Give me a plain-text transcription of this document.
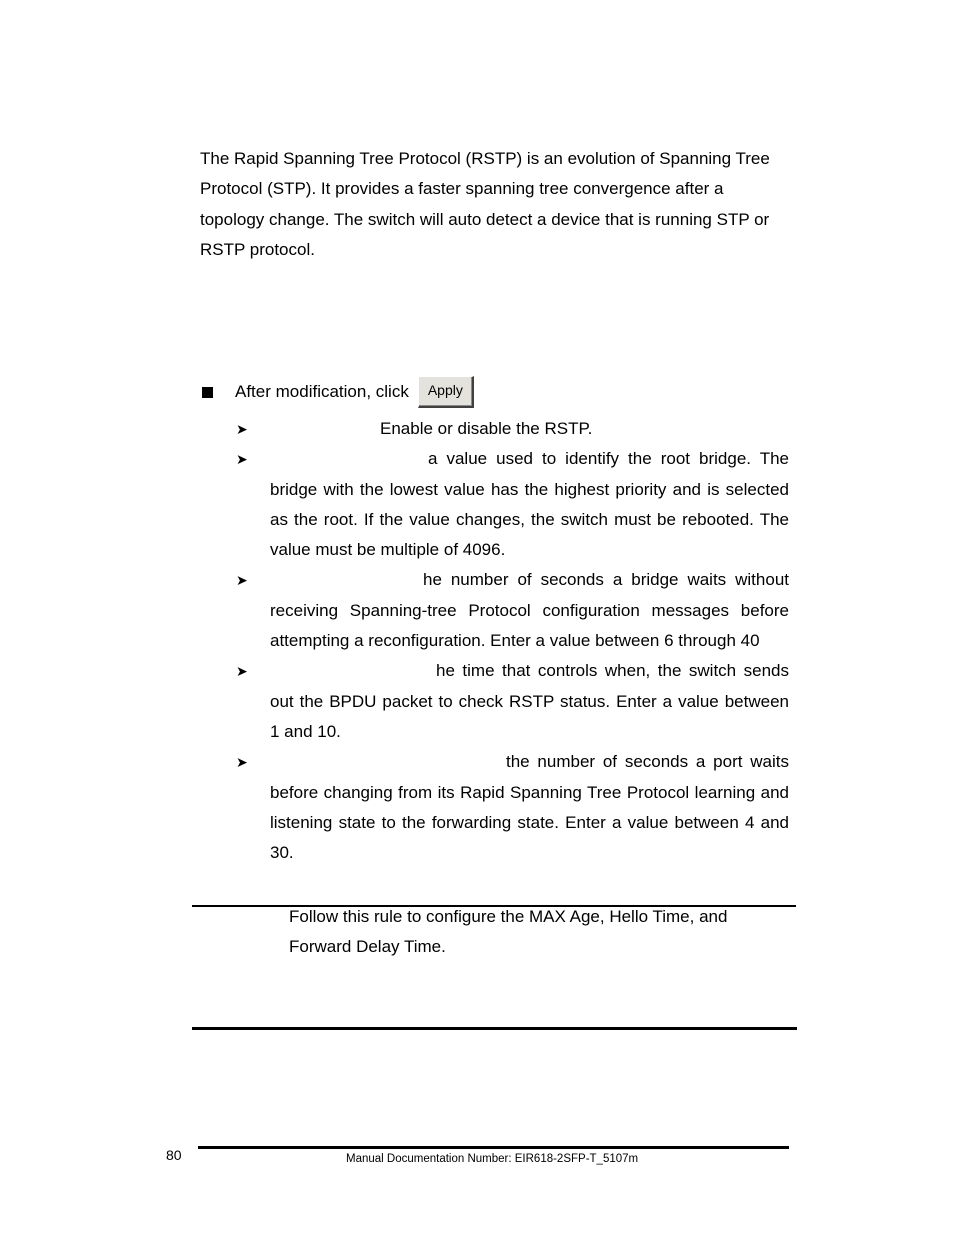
The Rapid Spanning Tree Protocol (RSTP) is an evolution of Spanning Tree Protocol (STP). It provides a faster spanning tree convergence after a topology change. The switch will auto detect a device that is running STP or RSTP protocol.

After modification, click	Apply
➤	Enable or disable the RSTP.
➤	a value used to identify the root bridge. The bridge with the lowest value has the highest priority and is selected as the root. If the value changes, the switch must be rebooted. The value must be multiple of 4096.
➤	he number of seconds a bridge waits without receiving Spanning-tree Protocol configuration messages before attempting a reconfiguration. Enter a value between 6 through 40
➤	he time that controls when, the switch sends out the BPDU packet to check RSTP status. Enter a value between 1 and 10.
➤	the number of seconds a port waits before changing from its Rapid Spanning Tree Protocol learning and listening state to the forwarding state. Enter a value between 4 and 30.

Follow this rule to configure the MAX Age, Hello Time, and Forward Delay Time.

80	Manual Documentation Number: EIR618-2SFP-T_5107m
